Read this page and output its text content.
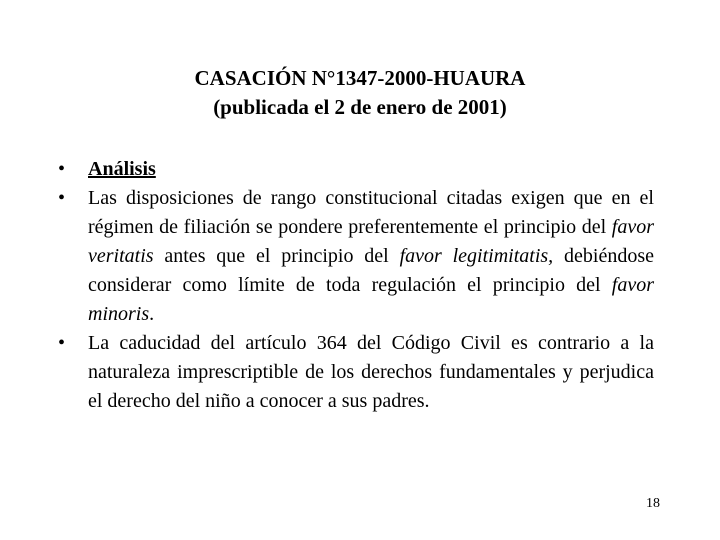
CASACIÓN N°1347-2000-HUAURA
(publicada el 2 de enero de 2001)
•	Análisis
•	Las disposiciones de rango constitucional citadas exigen que en el régimen de filiación se pondere preferentemente el principio del favor veritatis antes que el principio del favor legitimitatis, debiéndose considerar como límite de toda regulación el principio del favor minoris.
•	La caducidad del artículo 364 del Código Civil es contrario a la naturaleza imprescriptible de los derechos fundamentales y perjudica el derecho del niño a conocer a sus padres.
18
